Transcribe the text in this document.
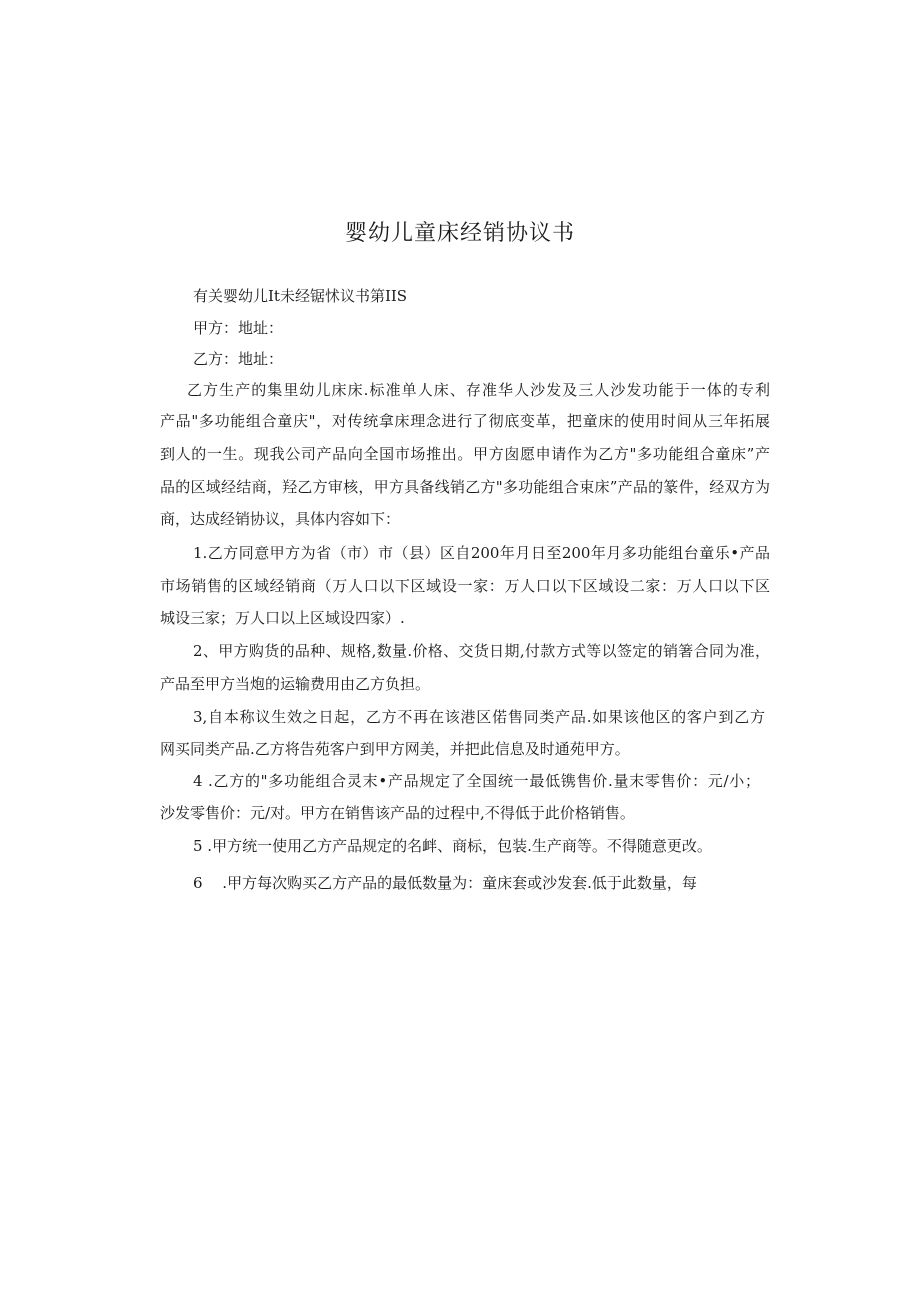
婴幼儿童床经销协议书
有关婴幼儿It未经锯怵议书第IIS
甲方：地址：
乙方：地址：
乙方生产的集里幼儿床床.标准单人床、存准华人沙发及三人沙发功能于一体的专利
产品"多功能组合童庆"，对传统拿床理念进行了彻底变革，把童床的使用时间从三年拓展
到人的一生。现我公司产品向全国市场推出。甲方囱愿申请作为乙方"多功能组合童床”产
品的区域经结商，羟乙方审核，甲方具备线销乙方"多功能组合束床”产品的篆件，经双方为
商，达成经销协议，具体内容如下：
1.乙方同意甲方为省（市）市（县）区自200年月日至200年月多功能组台童乐•产品
市场销售的区域经销商（万人口以下区域设一家：万人口以下区域设二家：万人口以下区
城设三家；万人口以上区域设四家）.
2、甲方购货的品种、规格,数量.价格、交货日期,付款方式等以签定的销箸合同为准，
产品至甲方当炮的运输费用由乙方负担。
3,自本称议生效之日起，乙方不再在该港区偌售同类产品.如果该他区的客户到乙方
网买同类产品.乙方将告苑客户到甲方网美，并把此信息及时通苑甲方。
4 .乙方的"多功能组合灵末•产品规定了全国统一最低镌售价.量末零售价：元/小；
沙发零售价：元/对。甲方在销售该产品的过程中,不得低于此价格销售。
5 .甲方统一使用乙方产品规定的名衅、商标，包装.生产商等。不得随意更改。
6  .甲方每次购买乙方产品的最低数量为：童床套或沙发套.低于此数量，每
